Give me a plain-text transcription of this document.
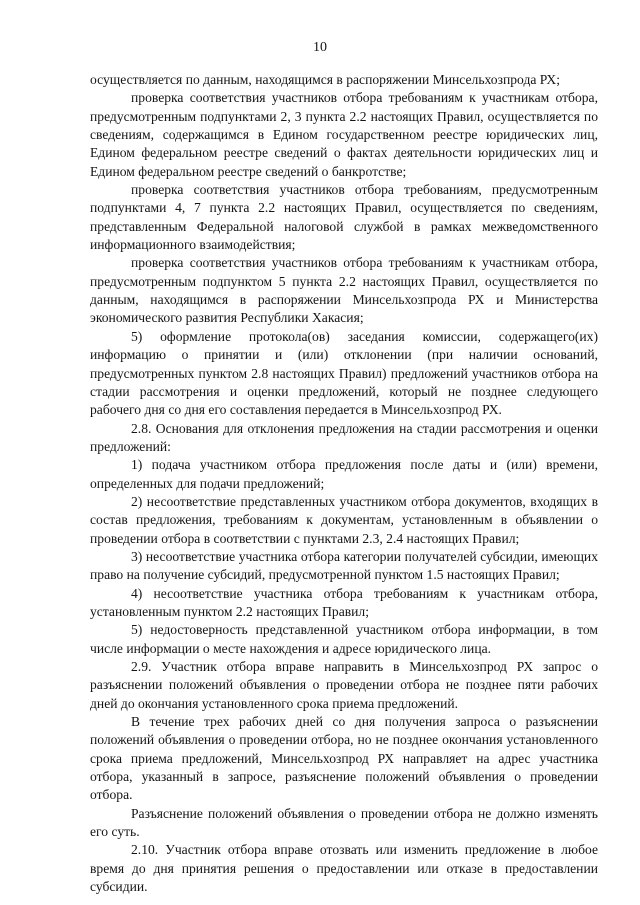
10

осуществляется по данным, находящимся в распоряжении Минсельхозпрода РХ;

проверка соответствия участников отбора требованиям к участникам отбора, предусмотренным подпунктами 2, 3 пункта 2.2 настоящих Правил, осуществляется по сведениям, содержащимся в Едином государственном реестре юридических лиц, Едином федеральном реестре сведений о фактах деятельности юридических лиц и Едином федеральном реестре сведений о банкротстве;

проверка соответствия участников отбора требованиям, предусмотренным подпунктами 4, 7 пункта 2.2 настоящих Правил, осуществляется по сведениям, представленным Федеральной налоговой службой в рамках межведомственного информационного взаимодействия;

проверка соответствия участников отбора требованиям к участникам отбора, предусмотренным подпунктом 5 пункта 2.2 настоящих Правил, осуществляется по данным, находящимся в распоряжении Минсельхозпрода РХ и Министерства экономического развития Республики Хакасия;

5) оформление протокола(ов) заседания комиссии, содержащего(их) информацию о принятии и (или) отклонении (при наличии оснований, предусмотренных пунктом 2.8 настоящих Правил) предложений участников отбора на стадии рассмотрения и оценки предложений, который не позднее следующего рабочего дня со дня его составления передается в Минсельхозпрод РХ.

2.8. Основания для отклонения предложения на стадии рассмотрения и оценки предложений:

1) подача участником отбора предложения после даты и (или) времени, определенных для подачи предложений;

2) несоответствие представленных участником отбора документов, входящих в состав предложения, требованиям к документам, установленным в объявлении о проведении отбора в соответствии с пунктами 2.3, 2.4 настоящих Правил;

3) несоответствие участника отбора категории получателей субсидии, имеющих право на получение субсидий, предусмотренной пунктом 1.5 настоящих Правил;

4) несоответствие участника отбора требованиям к участникам отбора, установленным пунктом 2.2 настоящих Правил;

5) недостоверность представленной участником отбора информации, в том числе информации о месте нахождения и адресе юридического лица.

2.9. Участник отбора вправе направить в Минсельхозпрод РХ запрос о разъяснении положений объявления о проведении отбора не позднее пяти рабочих дней до окончания установленного срока приема предложений.

В течение трех рабочих дней со дня получения запроса о разъяснении положений объявления о проведении отбора, но не позднее окончания установленного срока приема предложений, Минсельхозпрод РХ направляет на адрес участника отбора, указанный в запросе, разъяснение положений объявления о проведении отбора.

Разъяснение положений объявления о проведении отбора не должно изменять его суть.

2.10. Участник отбора вправе отозвать или изменить предложение в любое время до дня принятия решения о предоставлении или отказе в предоставлении субсидии.
